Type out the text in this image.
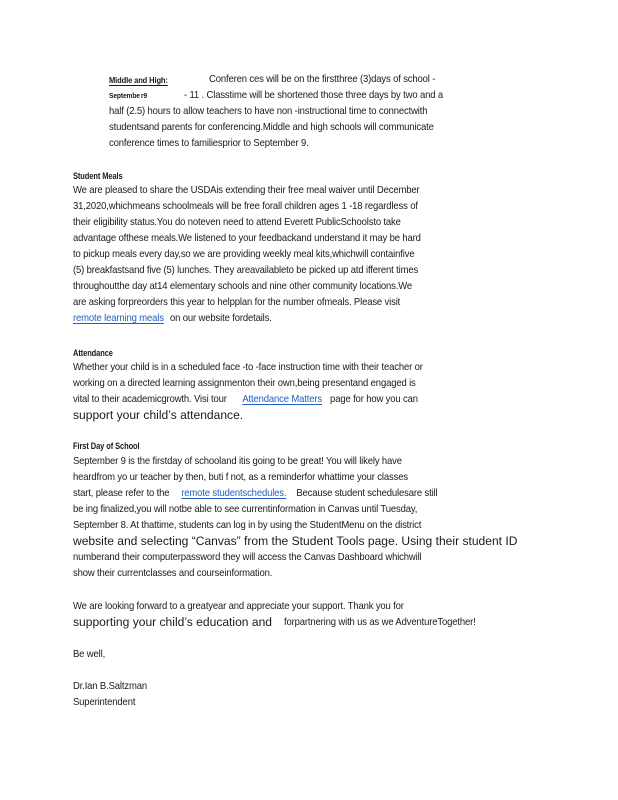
Middle and High:	Conferen ces will be on the firstthree (3)days of school -
Septembe r9	- 11 . Classtime will be shortened those three days by two and a
half (2.5) hours to allow teachers to have non -instructional time to connectwith
studentsand parents for conferencing.Middle and high schools will communicate
conference times to familiesprior to September 9.
Student Meals
We are pleased to share the USDAis extending their free meal waiver until December
31,2020,whichmeans schoolmeals will be free forall children ages 1 -18 regardless of
their eligibility status.You do noteven need to attend Everett PublicSchoolsto take
advantage ofthese meals.We listened to your feedbackand understand it may be hard
to pickup meals every day,so we are providing weekly meal kits,whichwill containfive
(5) breakfastsand five (5) lunches. They areavailableto be picked up atd ifferent times
throughoutthe day at14 elementary schools and nine other community locations.We
are asking forpreorders this year to helpplan for the number ofmeals. Please visit
remote learning meals on our website fordetails.
Attendance
Whether your child is in a scheduled face -to -face instruction time with their teacher or
working on a directed learning assignmenton their own,being presentand engaged is
vital to their academicgrowth. Visi tour Attendance Matters page for how you can
support your child’s attendance.
First Day of School
September 9 is the firstday of schooland itis going to be great! You will likely have
heardfrom yo ur teacher by then, buti f not, as a reminderfor whattime your classes
start, please refer to the remote studentschedules. Because student schedulesare still
be ing finalized,you will notbe able to see currentinformation in Canvas until Tuesday,
September 8. At thattime, students can log in by using the StudentMenu on the district
website and selecting “Canvas” from the Student Tools page. Using their student ID
numberand their computerpassword they will access the Canvas Dashboard whichwill
show their currentclasses and courseinformation.
We are looking forward to a greatyear and appreciate your support. Thank you for
supporting your child’s education and forpartnering with us as we AdventureTogether!
Be well,
Dr.Ian B.Saltzman
Superintendent
